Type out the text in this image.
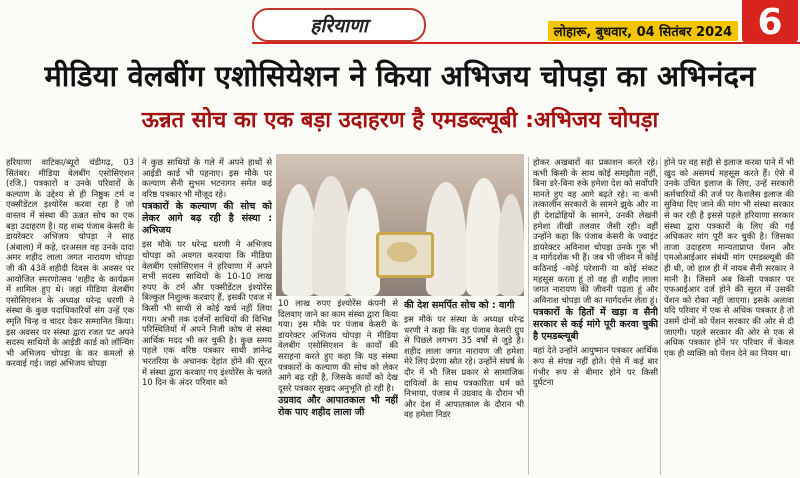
हरियाणा	लोहारू, बुधवार, 04 सितंबर 2024 6
मीडिया वेलबींग एशोसियेशन ने किया अभिजय चोपड़ा का अभिनंदन
ऊन्नत सोच का एक बड़ा उदाहरण है एमडब्ल्यूबी :अभिजय चोपड़ा

हरियाणा वाटिका/ब्यूरो चंडीगढ़, 03 सितंबर। मीडिया वेलबींग एसोसिएशन (रजि.) पत्रकारों व उनके परिवारों के कल्याण के उद्देश्य से ही निष्ठुक टर्म व एक्सीडेंटल इश्योरेंस करवा रहा है जो वास्तव में संस्था की ऊन्नत सोच का एक बड़ा उदाहरण है। यह शब्द पंजाब केसरी के डायरेक्टर अभिजय चोपड़ा ने साह (अंबाला) में कहे, दरअसल वह उनके दादा अमर शहीद लाला जगत नारायण चोपड़ा जी की 43वें शहीदी दिवस के अवसर पर आयोजित स्मरणोत्सव 'शहीद के कार्यक्रम में शामिल हुए थे। जहां मीडिया वेलबींग एसोसिएशन के अध्यक्ष धरेन्द्र धरणी ने संस्था के कुछ पदाधिकारियों संग उन्हें एक स्मृति चिन्ह व चादर देकर सम्मानित किया। इस अवसर पर संस्था द्वारा रजत पट अपने सदस्य साथियों के आईडी कार्ड को लॉन्चिंग भी अभिजय चोपड़ा के कर कमलों से करवाई गई। जहां अभिजय चोपड़ा

ने कुछ साथियों के गले में अपने हाथों से आईडी कार्ड भी पहनाए। इस मौके पर कल्याण सैनी सुभम भटनागर समेत कई वरिष्ठ पत्रकार भी मौजूद रहे।

पत्रकारों के कल्याण की सोच को लेकर आगे बढ़ रही है संस्था : अभिजय

इस मौके पर धरेन्द्र धरणी ने अभिजय चोपड़ा को अवगत करवाया कि मीडिया वेलबींग एसोसिएशन ने हरियाणा में अपने सभी सदस्य साथियों के 10-10 लाख रुपए के टर्म और एक्सीडेंटल इंश्योरेंस बिल्कुल निशुल्क करवाए हैं, इसकी एवज में किसी भी साथी से कोई खर्च नहीं लिया गया। अभी तक दर्जनों साथियों की विभिन्न परिस्थितियों में अपने निजी कोष से संस्था आर्थिक मदद भी कर चुकी है। कुछ समय पहले एक वरिष्ठ पत्रकार साथी ज्ञानेन्द्र भरतरिया के अचानक देहांत होने की सूरत में संस्था द्वारा करवाए गए इंश्योरेंस के चलते 10 दिन के अंदर परिवार को

10 लाख रुपए इंश्योरेंस कंपनी से दिलवाए जाने का काम संस्था द्वारा किया गया। इस मौके पर पंजाब केसरी के डायरेक्टर अभिजय चोपड़ा ने मीडिया वेलबींग एसोसिएशन के कार्यों की सराहना करते हुए कहा कि यह संस्था पत्रकारों के कल्याण की सोच को लेकर आगे बढ़ रही है, जिसके कार्यों को देख दूसरे पत्रकार सुखद अनुभूति हो रही है।

उग्रवाद और आपातकाल भी नहीं रोक पाए शहीद लाला जी

की देश समर्पित सोच को : वागी

इस मौके पर संस्था के अध्यक्ष धरेन्द्र धरणी ने कहा कि वह पंजाब केसरी ग्रुप से पिछले लगभग 35 वर्षों से जुड़े है। शहीद लाला जगत नारायण जी हमेशा मेरे लिए प्रेरणा स्रोत रहे। उन्होंने संघर्ष के दौर में भी जिस प्रकार से सामाजिक दायित्वों के साथ पत्रकारिता धर्म को निभाया, पंजाब में उग्रवाद के दौरान भी और देश में आपातकाल के दौरान भी वह हमेशा निडर

होकर अखबारों का प्रकाशन करते रहे। कभी किसी के साथ कोई समझौता नहीं, बिना डरे-बिना रुके हमेशा देश को सर्वोपरि मानते हुए वह आगे बढ़ते रहे। ना कभी तत्कालीन सरकारों के सामने झुके और ना ही देशद्रोहियों के सामने, उनकी लेखनी हमेशा तीखी तलवार जैसी रही। वहीं उन्होंने कहा कि पंजाब केसरी के ज्वाइंट डायरेक्टर अविनाश चोपड़ा उनके गुरु भी व मार्गदर्शक भी हैं। जब भी जीवन में कोई कठिनाई -कोई परेशानी या कोई संकट महसूस करता हूं तो वह ही शहीद लाला जगत नारायण की जीवनी पढ़ता हूं और अविनाश चोपड़ा जी का मार्गदर्शन लेता हूं।

पत्रकारों के हितों में खड़ा व सैनी सरकार से कई मांगे पूरी करवा चुकी है एमडब्ल्यूबी

वहां देते उन्होंने आयुष्मान पत्रकार आर्थिक रूप से संपन्न नहीं होते। ऐसे में कई बार गंभीर रूप से बीमार होने पर किसी दुर्घटना

होने पर वह सही से इलाज करवा पाने में भी खुद को असमर्थ महसूस करते हैं। ऐसे में उनके उचित इलाज के लिए, उन्हें सरकारी कर्मचारियों की तर्ज पर कैशलैस इलाज की सुविधा दिए जाने की मांग भी संस्था सरकार से कर रही है इससे पहले हरियाणा सरकार संस्था द्वारा पत्रकारों के लिए की गई अधिकतर मांग पूरी कर चुकी है। जिसका ताजा उदाहरण मान्यताप्राप्त पेंशन और एमओआईआर संबंधी मांग एमडब्ल्यूबी की ही थी, जो हाल ही में नायब सैनी सरकार ने मानी है। जिसमें अब किसी पत्रकार पर एफआईआर दर्ज होने की सूरत में उसकी पेंशन को रोका नहीं जाएगा। इसके अलावा यदि परिवार में एक से अधिक पत्रकार है तो उसमें दोनों को पेंशन सरकार की ओर से दी जाएगी। पहले सरकार की ओर से एक से अधिक पत्रकार होने पर परिवार में केवल एक ही व्यक्ति को पेंशन देने का नियम था।
